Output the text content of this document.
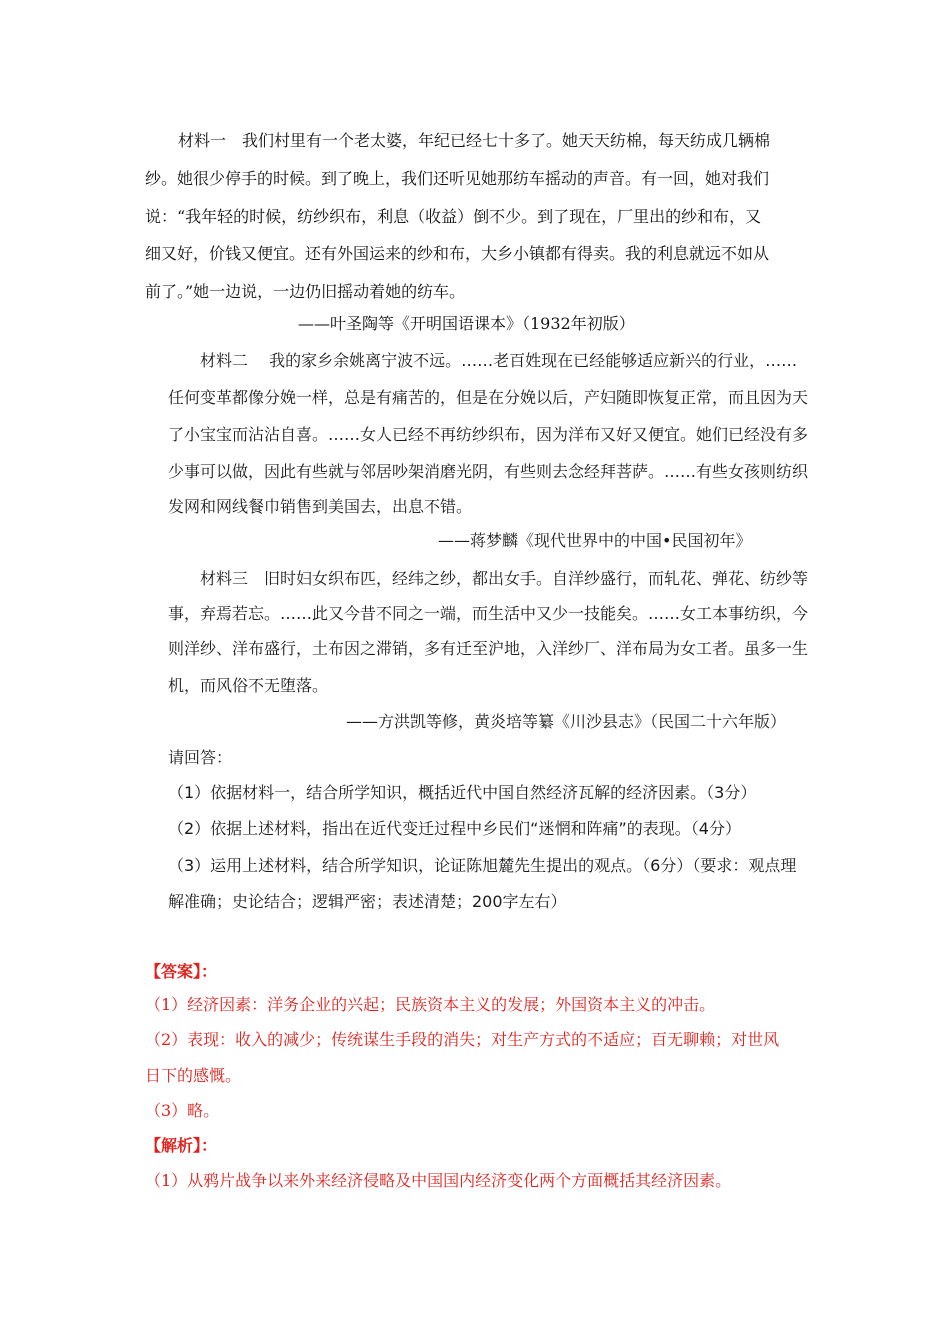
材料一　我们村里有一个老太婆，年纪已经七十多了。她天天纺棉，每天纺成几辆棉
纱。她很少停手的时候。到了晚上，我们还听见她那纺车摇动的声音。有一回，她对我们
说：“我年轻的时候，纺纱织布，利息（收益）倒不少。到了现在，厂里出的纱和布，又
细又好，价钱又便宜。还有外国运来的纱和布，大乡小镇都有得卖。我的利息就远不如从
前了。”她一边说，一边仍旧摇动着她的纺车。
——叶圣陶等《开明国语课本》（1932年初版）
材料二　 我的家乡余姚离宁波不远。……老百姓现在已经能够适应新兴的行业，……
任何变革都像分娩一样，总是有痛苦的，但是在分娩以后，产妇随即恢复正常，而且因为天
了小宝宝而沾沾自喜。……女人已经不再纺纱织布，因为洋布又好又便宜。她们已经没有多
少事可以做，因此有些就与邻居吵架消磨光阴，有些则去念经拜菩萨。……有些女孩则纺织
发网和网线餐巾销售到美国去，出息不错。
——蒋梦麟《现代世界中的中国•民国初年》
材料三　旧时妇女织布匹，经纬之纱，都出女手。自洋纱盛行，而轧花、弹花、纺纱等
事，弃焉若忘。……此又今昔不同之一端，而生活中又少一技能矣。……女工本事纺织，今
则洋纱、洋布盛行，土布因之滞销，多有迁至沪地，入洋纱厂、洋布局为女工者。虽多一生
机，而风俗不无堕落。
——方洪凯等修，黄炎培等纂《川沙县志》（民国二十六年版）
请回答：
（1）依据材料一，结合所学知识，概括近代中国自然经济瓦解的经济因素。（3分）
（2）依据上述材料，指出在近代变迁过程中乡民们“迷惘和阵痛”的表现。（4分）
（3）运用上述材料，结合所学知识，论证陈旭麓先生提出的观点。（6分）（要求：观点理
解准确；史论结合；逻辑严密；表述清楚；200字左右）
【答案】：
（1）经济因素：洋务企业的兴起；民族资本主义的发展；外国资本主义的冲击。
（2）表现：收入的减少；传统谋生手段的消失；对生产方式的不适应；百无聊赖；对世风
日下的感慨。
（3）略。
【解析】：
（1）从鸦片战争以来外来经济侵略及中国国内经济变化两个方面概括其经济因素。
